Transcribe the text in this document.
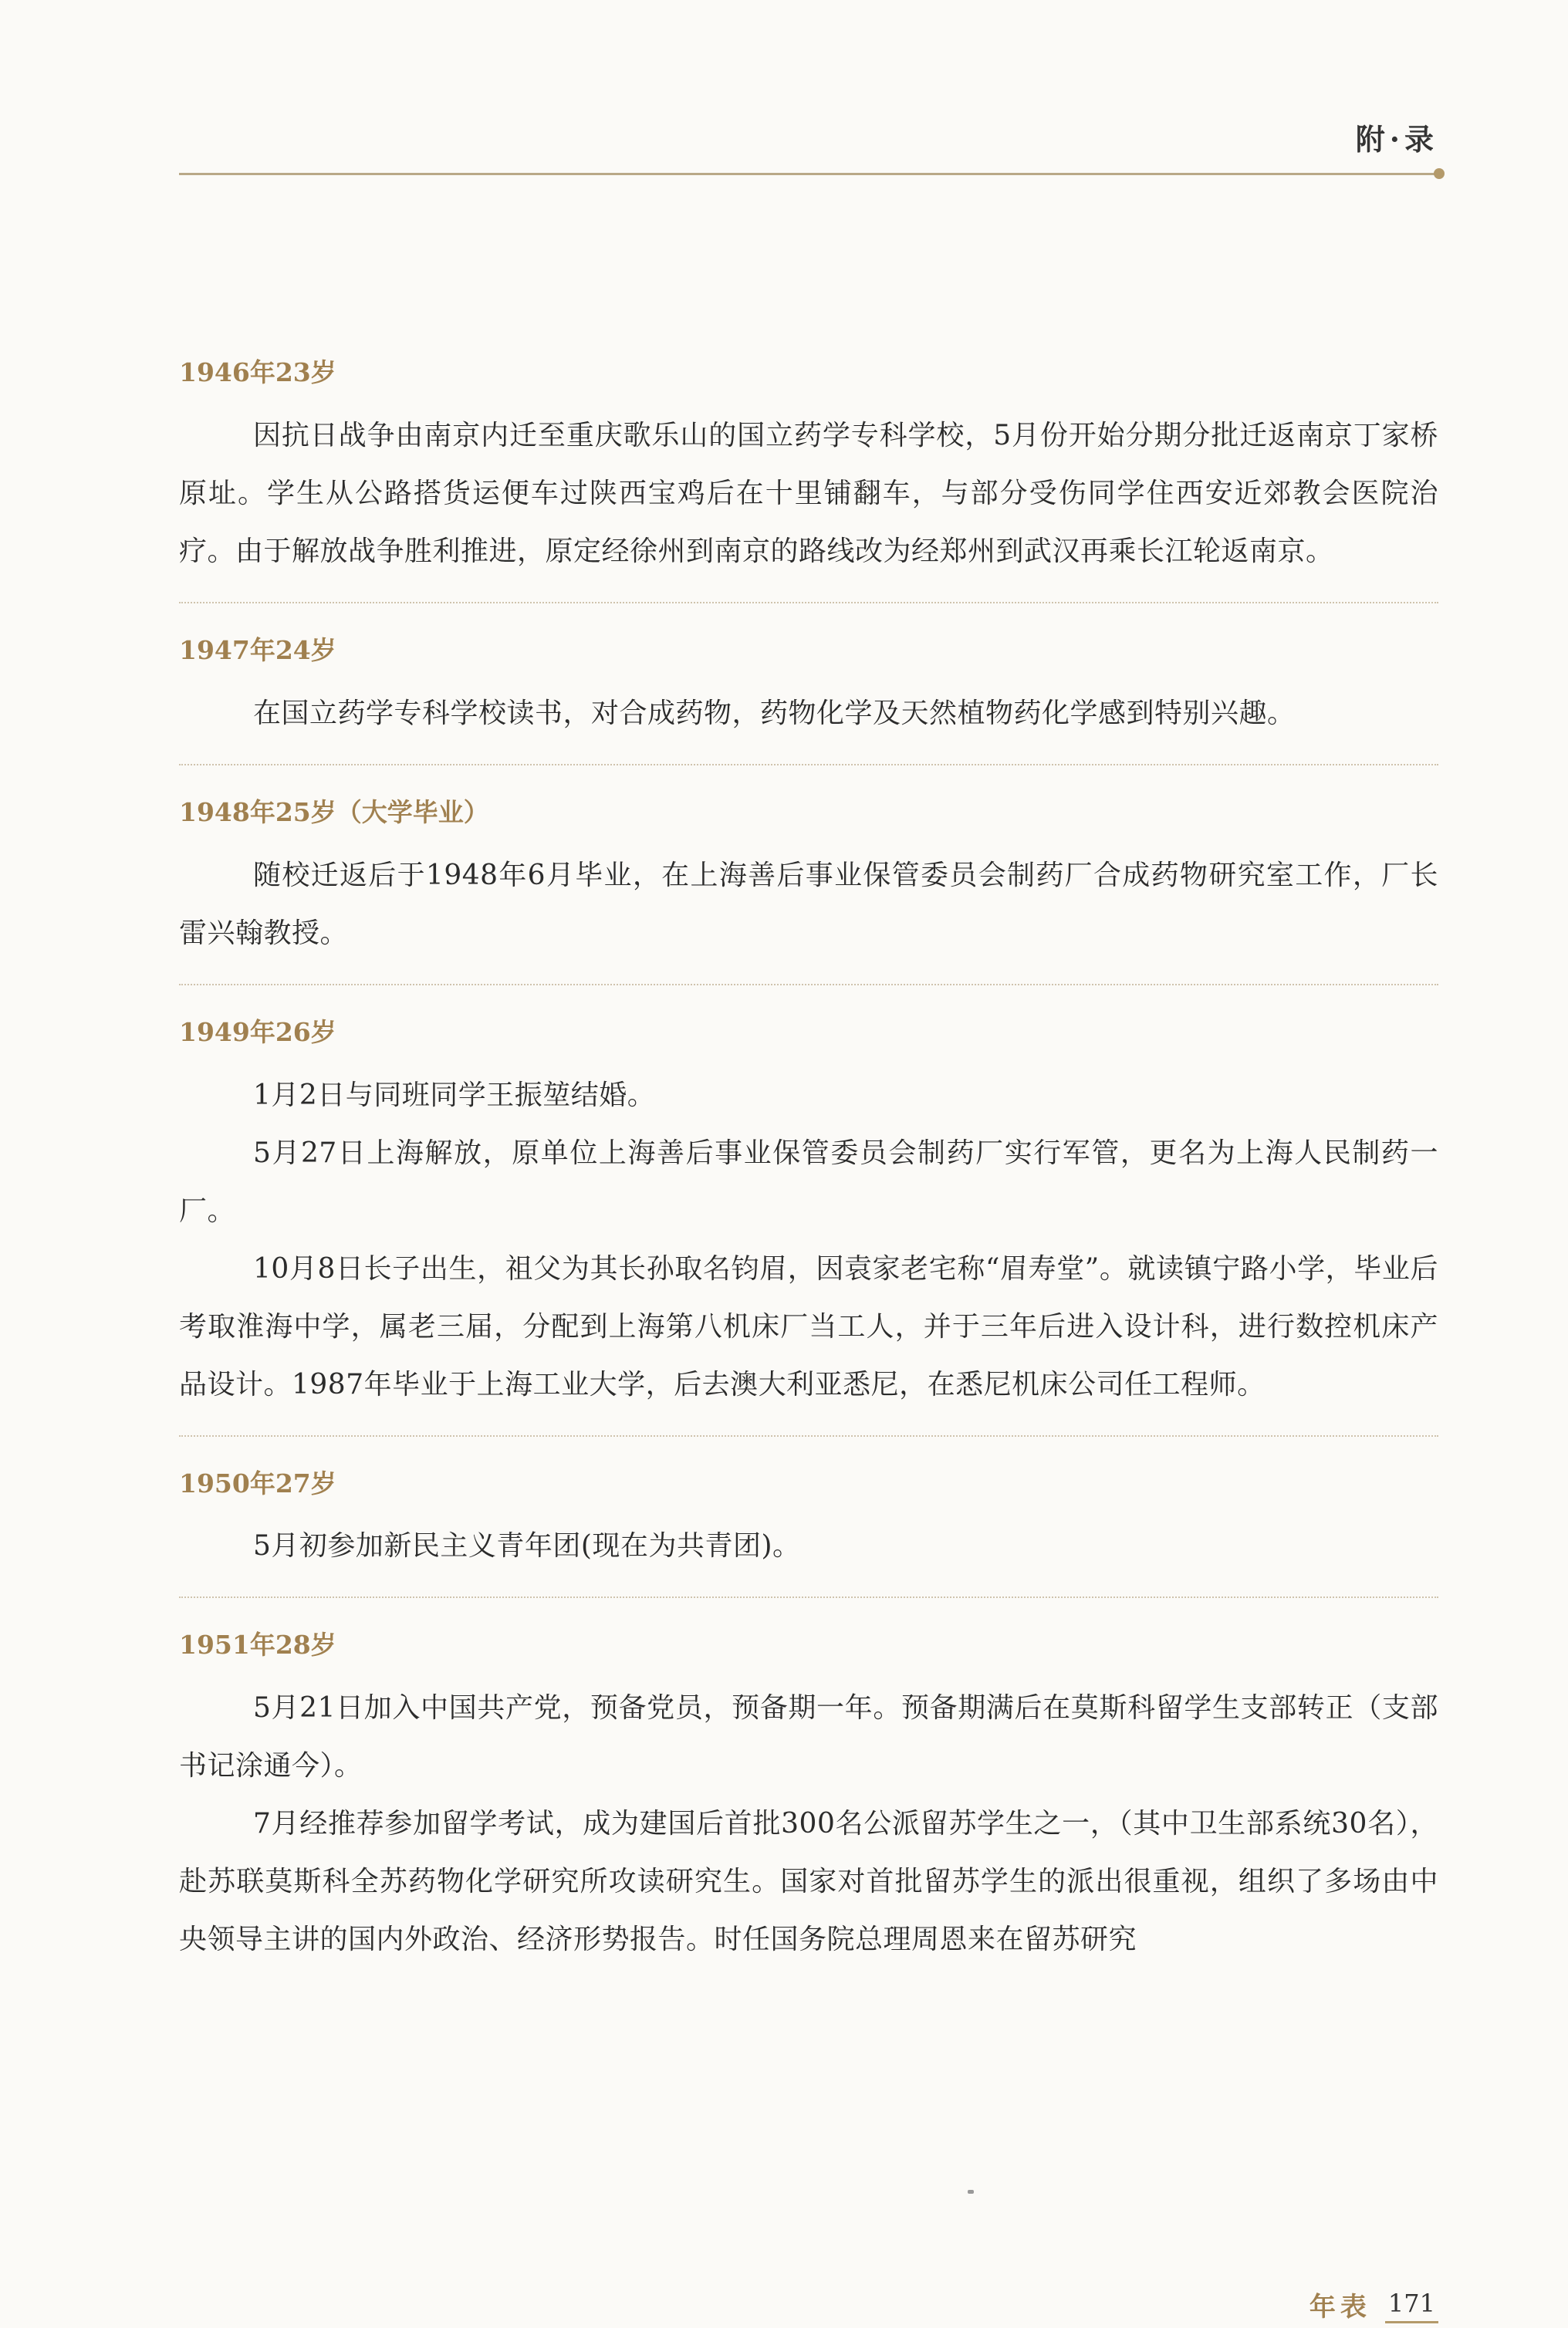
附·录
1946年23岁

因抗日战争由南京内迁至重庆歌乐山的国立药学专科学校，5月份开始分期分批迁返南京丁家桥原址。学生从公路搭货运便车过陕西宝鸡后在十里铺翻车，与部分受伤同学住西安近郊教会医院治疗。由于解放战争胜利推进，原定经徐州到南京的路线改为经郑州到武汉再乘长江轮返南京。

1947年24岁

在国立药学专科学校读书，对合成药物，药物化学及天然植物药化学感到特别兴趣。

1948年25岁（大学毕业）

随校迁返后于1948年6月毕业，在上海善后事业保管委员会制药厂合成药物研究室工作，厂长雷兴翰教授。

1949年26岁

1月2日与同班同学王振堃结婚。

5月27日上海解放，原单位上海善后事业保管委员会制药厂实行军管，更名为上海人民制药一厂。

10月8日长子出生，祖父为其长孙取名钧眉，因袁家老宅称“眉寿堂”。就读镇宁路小学，毕业后考取淮海中学，属老三届，分配到上海第八机床厂当工人，并于三年后进入设计科，进行数控机床产品设计。1987年毕业于上海工业大学，后去澳大利亚悉尼，在悉尼机床公司任工程师。

1950年27岁

5月初参加新民主义青年团(现在为共青团)。

1951年28岁

5月21日加入中国共产党，预备党员，预备期一年。预备期满后在莫斯科留学生支部转正（支部书记涂通今）。

7月经推荐参加留学考试，成为建国后首批300名公派留苏学生之一，（其中卫生部系统30名），赴苏联莫斯科全苏药物化学研究所攻读研究生。国家对首批留苏学生的派出很重视，组织了多场由中央领导主讲的国内外政治、经济形势报告。时任国务院总理周恩来在留苏研究

年表 171
